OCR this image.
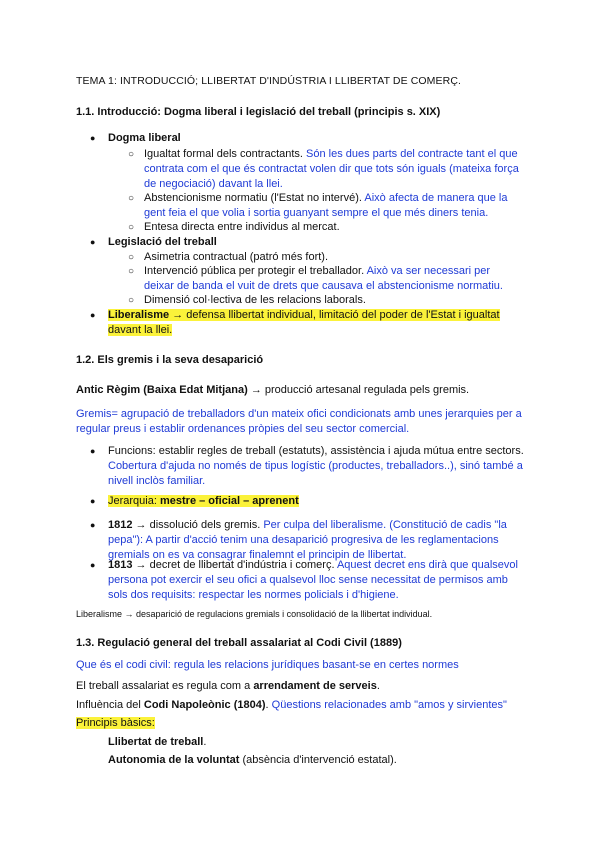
TEMA 1: INTRODUCCIÓ; LLIBERTAT D'INDÚSTRIA I LLIBERTAT DE COMERÇ.
1.1. Introducció: Dogma liberal i legislació del treball (principis s. XIX)
● Dogma liberal
○ Igualtat formal dels contractants. Són les dues parts del contracte tant el que contrata com el que és contractat volen dir que tots són iguals (mateixa força de negociació) davant la llei.
○ Abstencionisme normatiu (l'Estat no intervé). Això afecta de manera que la gent feia el que volia i sortia guanyant sempre el que més diners tenia.
○ Entesa directa entre individus al mercat.
● Legislació del treball
○ Asimetria contractual (patró més fort).
○ Intervenció pública per protegir el treballador. Això va ser necessari per deixar de banda el vuit de drets que causava el abstencionisme normatiu.
○ Dimensió col·lectiva de les relacions laborals.
● Liberalisme → defensa llibertat individual, limitació del poder de l'Estat i igualtat davant la llei.
1.2. Els gremis i la seva desaparició
Antic Règim (Baixa Edat Mitjana) → producció artesanal regulada pels gremis.
Gremis= agrupació de treballadors d'un mateix ofici condicionats amb unes jerarquies per a regular preus i establir ordenances pròpies del seu sector comercial.
● Funcions: establir regles de treball (estatuts), assistència i ajuda mútua entre sectors. Cobertura d'ajuda no només de tipus logístic (productes, treballadors..), sinó també a nivell inclòs familiar.
● Jerarquia: mestre – oficial – aprenent
● 1812 → dissolució dels gremis. Per culpa del liberalisme. (Constitució de cadis "la pepa"): A partir d'acció tenim una desaparició progresiva de les reglamentacions gremials on es va consagrar finalemnt el principin de llibertat.
● 1813 → decret de llibertat d'indústria i comerç. Aquest decret ens dirà que qualsevol persona pot exercir el seu ofici a qualsevol lloc sense necessitat de permisos amb sols dos requisits: respectar les normes policials i d'higiene.
Liberalisme → desaparició de regulacions gremials i consolidació de la llibertat individual.
1.3. Regulació general del treball assalariat al Codi Civil (1889)
Que és el codi civil: regula les relacions jurídiques basant-se en certes normes
El treball assalariat es regula com a arrendament de serveis.
Influència del Codi Napoleònic (1804). Qüestions relacionades amb "amos y sirvientes"
Principis bàsics:
Llibertat de treball.
Autonomia de la voluntat (absència d'intervenció estatal).
